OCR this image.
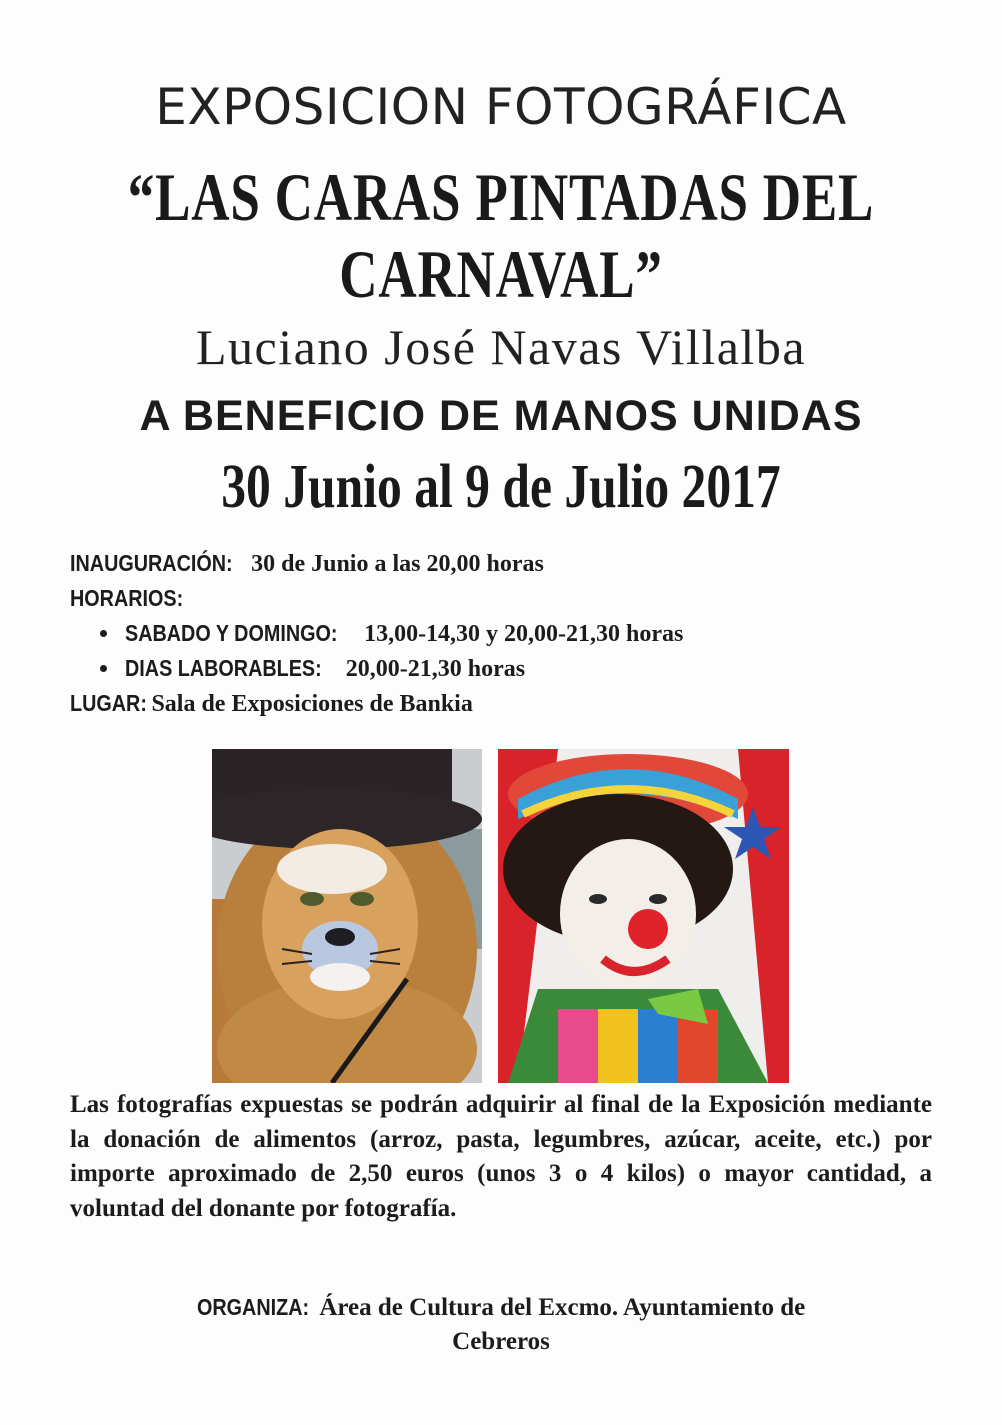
EXPOSICION FOTOGRÁFICA
“LAS CARAS PINTADAS DEL
CARNAVAL”
Luciano José Navas Villalba
A BENEFICIO DE MANOS UNIDAS
30 Junio al 9 de Julio 2017
INAUGURACIÓN: 30 de Junio a las 20,00 horas
HORARIOS:
SABADO Y DOMINGO: 13,00-14,30 y 20,00-21,30 horas
DIAS LABORABLES: 20,00-21,30 horas
LUGAR: Sala de Exposiciones de Bankia
Las fotografías expuestas se podrán adquirir al final de la Exposición mediante la donación de alimentos (arroz, pasta, legumbres, azúcar, aceite, etc.) por importe aproximado de 2,50 euros (unos 3 o 4 kilos) o mayor cantidad, a voluntad del donante por fotografía.
ORGANIZA: Área de Cultura del Excmo. Ayuntamiento de
Cebreros
